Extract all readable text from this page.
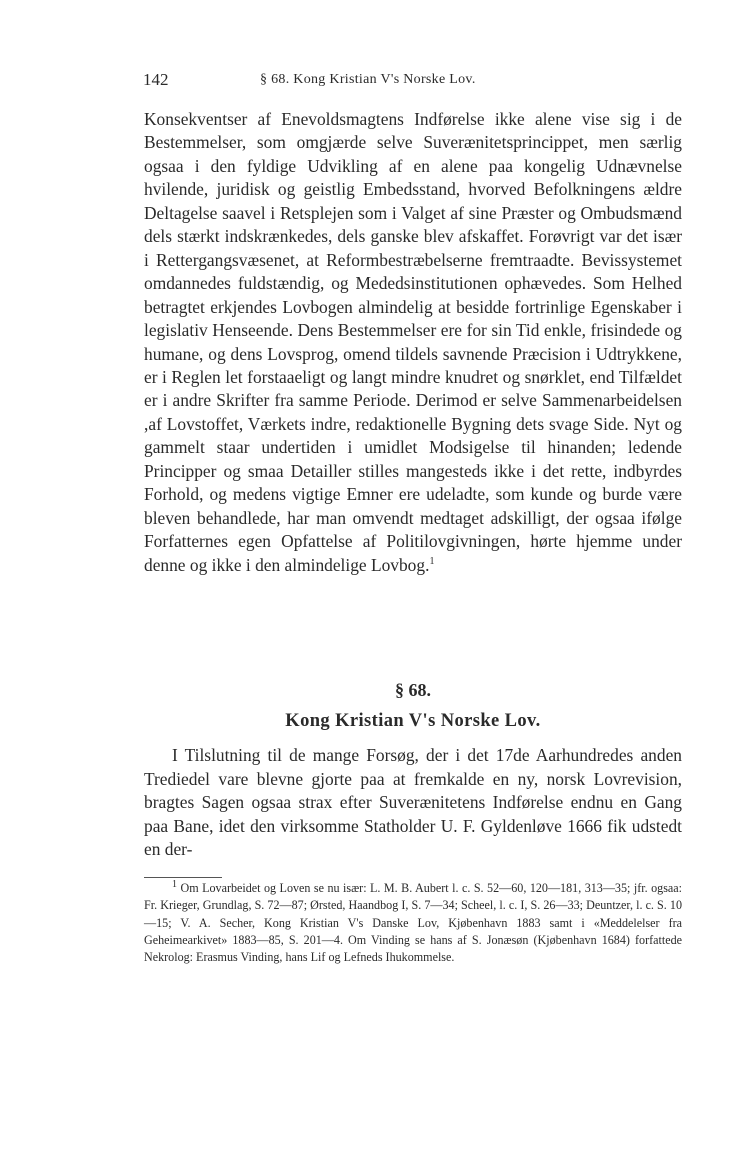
142	§ 68. Kong Kristian V's Norske Lov.

Konsekventser af Enevoldsmagtens Indførelse ikke alene vise sig i de Bestemmelser, som omgjærde selve Suverænitetsprincippet, men særlig ogsaa i den fyldige Udvikling af en alene paa kongelig Udnævnelse hvilende, juridisk og geistlig Embedsstand, hvorved Befolkningens ældre Deltagelse saavel i Retsplejen som i Valget af sine Præster og Ombudsmænd dels stærkt indskrænkedes, dels ganske blev afskaffet. Forøvrigt var det især i Rettergangsvæsenet, at Reformbestræbelserne fremtraadte. Bevissystemet omdannedes fuldstændig, og Mededsinstitutionen ophævedes. Som Helhed betragtet erkjendes Lovbogen almindelig at besidde fortrinlige Egenskaber i legislativ Henseende. Dens Bestemmelser ere for sin Tid enkle, frisindede og humane, og dens Lovsprog, omend tildels savnende Præcision i Udtrykkene, er i Reglen let forstaaeligt og langt mindre knudret og snørklet, end Tilfældet er i andre Skrifter fra samme Periode. Derimod er selve Sammenarbeidelsen ,af Lovstoffet, Værkets indre, redaktionelle Bygning dets svage Side. Nyt og gammelt staar undertiden i umidlet Modsigelse til hinanden; ledende Principper og smaa Detailler stilles mangesteds ikke i det rette, indbyrdes Forhold, og medens vigtige Emner ere udeladte, som kunde og burde være bleven behandlede, har man omvendt medtaget adskilligt, der ogsaa ifølge Forfatternes egen Opfattelse af Politilovgivningen, hørte hjemme under denne og ikke i den almindelige Lovbog.$^1$

§ 68.
Kong Kristian V's Norske Lov.

I Tilslutning til de mange Forsøg, der i det 17de Aarhundredes anden Trediedel vare blevne gjorte paa at fremkalde en ny, norsk Lovrevision, bragtes Sagen ogsaa strax efter Suverænitetens Indførelse endnu en Gang paa Bane, idet den virksomme Statholder U. F. Gyldenløve 1666 fik udstedt en der-

$^1$ Om Lovarbeidet og Loven se nu især: L. M. B. Aubert l. c. S. 52—60, 120—181, 313—35; jfr. ogsaa: Fr. Krieger, Grundlag, S. 72—87; Ørsted, Haandbog I, S. 7—34; Scheel, l. c. I, S. 26—33; Deuntzer, l. c. S. 10—15; V. A. Secher, Kong Kristian V's Danske Lov, Kjøbenhavn 1883 samt i «Meddelelser fra Geheimearkivet» 1883—85, S. 201—4. Om Vinding se hans af S. Jonæsøn (Kjøbenhavn 1684) forfattede Nekrolog: Erasmus Vinding, hans Lif og Lefneds Ihukommelse.
